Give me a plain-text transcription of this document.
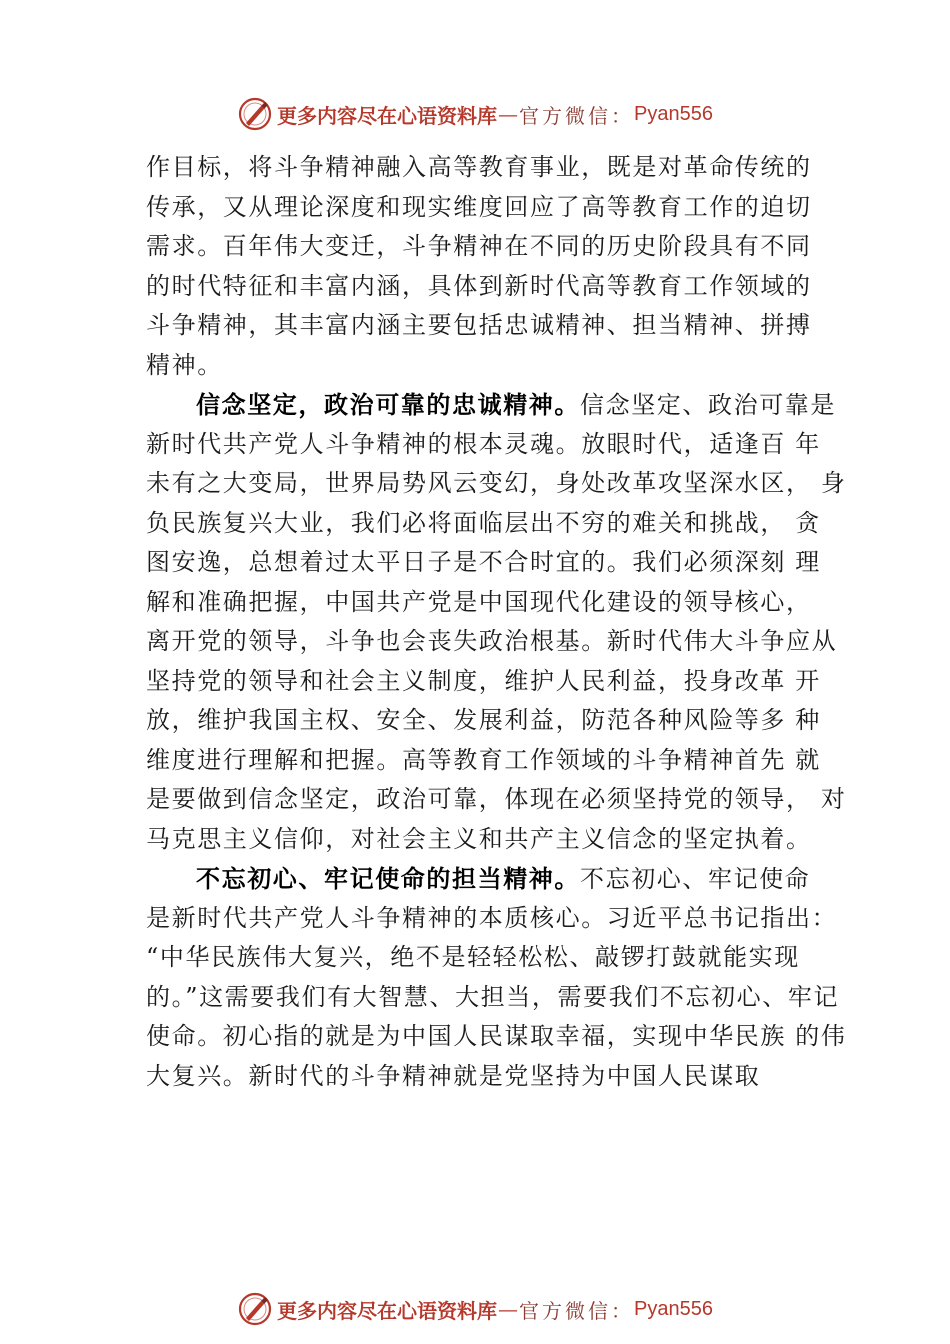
更多内容尽在心语资料库 — 官方微信： Pyan556
作目标，将斗争精神融入高等教育事业，既是对革命传统的
传承，又从理论深度和现实维度回应了高等教育工作的迫切
需求。百年伟大变迁，斗争精神在不同的历史阶段具有不同
的时代特征和丰富内涵，具体到新时代高等教育工作领域的
斗争精神，其丰富内涵主要包括忠诚精神、担当精神、拼搏
精神。
信念坚定，政治可靠的忠诚精神。信念坚定、政治可靠是
新时代共产党人斗争精神的根本灵魂。放眼时代，适逢百 年
未有之大变局，世界局势风云变幻，身处改革攻坚深水区， 身
负民族复兴大业，我们必将面临层出不穷的难关和挑战， 贪
图安逸，总想着过太平日子是不合时宜的。我们必须深刻 理
解和准确把握，中国共产党是中国现代化建设的领导核心，
离开党的领导，斗争也会丧失政治根基。新时代伟大斗争应从
坚持党的领导和社会主义制度，维护人民利益，投身改革 开
放，维护我国主权、安全、发展利益，防范各种风险等多 种
维度进行理解和把握。高等教育工作领域的斗争精神首先 就
是要做到信念坚定，政治可靠，体现在必须坚持党的领导， 对
马克思主义信仰，对社会主义和共产主义信念的坚定执着。
不忘初心、牢记使命的担当精神。不忘初心、牢记使命
是新时代共产党人斗争精神的本质核心。习近平总书记指出：
“中华民族伟大复兴，绝不是轻轻松松、敲锣打鼓就能实现
的。”这需要我们有大智慧、大担当，需要我们不忘初心、牢记
使命。初心指的就是为中国人民谋取幸福，实现中华民族 的伟
大复兴。新时代的斗争精神就是党坚持为中国人民谋取
更多内容尽在心语资料库 — 官方微信： Pyan556
